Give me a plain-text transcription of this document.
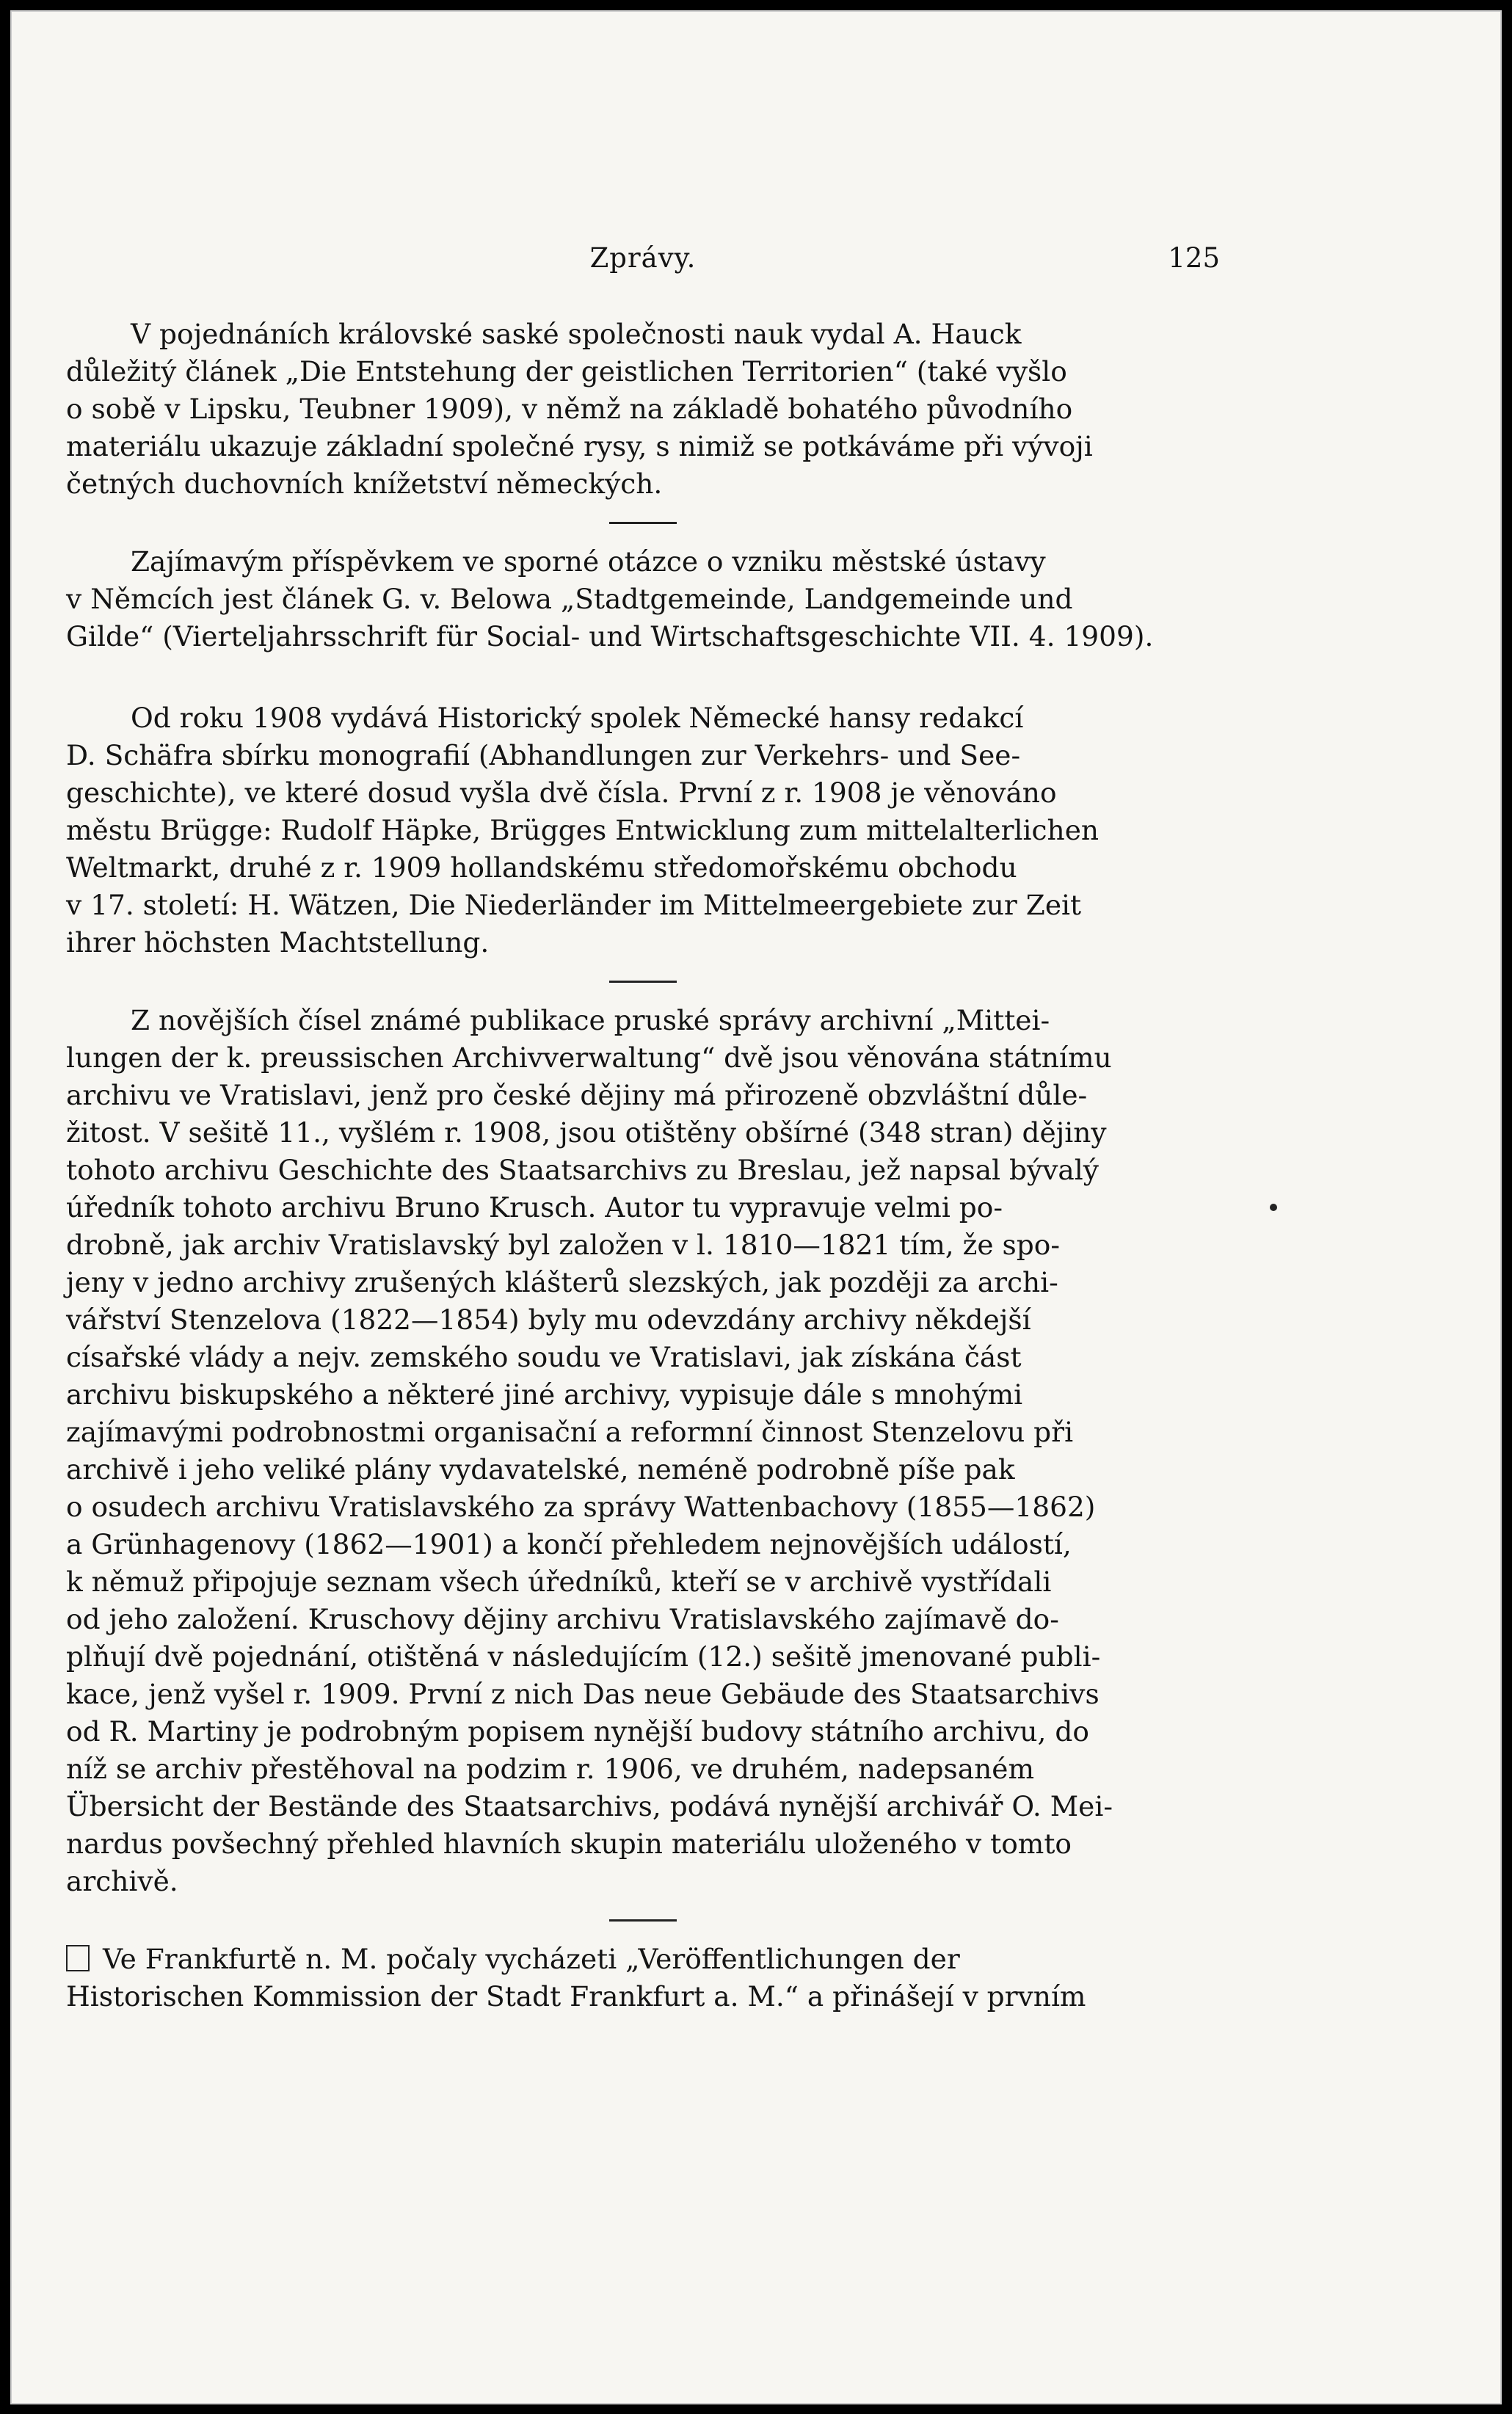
Zprávy.	125

V pojednáních královské saské společnosti nauk vydal A. Hauck
důležitý článek „Die Entstehung der geistlichen Territorien“ (také vyšlo
o sobě v Lipsku, Teubner 1909), v němž na základě bohatého původního
materiálu ukazuje základní společné rysy, s nimiž se potkáváme při vývoji
četných duchovních knížetství německých.

Zajímavým příspěvkem ve sporné otázce o vzniku městské ústavy
v Němcích jest článek G. v. Belowa „Stadtgemeinde, Landgemeinde und
Gilde“ (Vierteljahrsschrift für Social- und Wirtschaftsgeschichte VII. 4. 1909).

Od roku 1908 vydává Historický spolek Německé hansy redakcí
D. Schäfra sbírku monografií (Abhandlungen zur Verkehrs- und See-
geschichte), ve které dosud vyšla dvě čísla. První z r. 1908 je věnováno
městu Brügge: Rudolf Häpke, Brügges Entwicklung zum mittelalterlichen
Weltmarkt, druhé z r. 1909 hollandskému středomořskému obchodu
v 17. století: H. Wätzen, Die Niederländer im Mittelmeergebiete zur Zeit
ihrer höchsten Machtstellung.

Z novějších čísel známé publikace pruské správy archivní „Mittei-
lungen der k. preussischen Archivverwaltung“ dvě jsou věnována státnímu
archivu ve Vratislavi, jenž pro české dějiny má přirozeně obzvláštní důle-
žitost. V sešitě 11., vyšlém r. 1908, jsou otištěny obšírné (348 stran) dějiny
tohoto archivu Geschichte des Staatsarchivs zu Breslau, jež napsal bývalý
úředník tohoto archivu Bruno Krusch. Autor tu vypravuje velmi po-
drobně, jak archiv Vratislavský byl založen v l. 1810—1821 tím, že spo-
jeny v jedno archivy zrušených klášterů slezských, jak později za archi-
vářství Stenzelova (1822—1854) byly mu odevzdány archivy někdejší
císařské vlády a nejv. zemského soudu ve Vratislavi, jak získána část
archivu biskupského a některé jiné archivy, vypisuje dále s mnohými
zajímavými podrobnostmi organisační a reformní činnost Stenzelovu při
archivě i jeho veliké plány vydavatelské, neméně podrobně píše pak
o osudech archivu Vratislavského za správy Wattenbachovy (1855—1862)
a Grünhagenovy (1862—1901) a končí přehledem nejnovějších událostí,
k němuž připojuje seznam všech úředníků, kteří se v archivě vystřídali
od jeho založení. Kruschovy dějiny archivu Vratislavského zajímavě do-
plňují dvě pojednání, otištěná v následujícím (12.) sešitě jmenované publi-
kace, jenž vyšel r. 1909. První z nich Das neue Gebäude des Staatsarchivs
od R. Martiny je podrobným popisem nynější budovy státního archivu, do
níž se archiv přestěhoval na podzim r. 1906, ve druhém, nadepsaném
Übersicht der Bestände des Staatsarchivs, podává nynější archivář O. Mei-
nardus povšechný přehled hlavních skupin materiálu uloženého v tomto
archivě.

Ve Frankfurtě n. M. počaly vycházeti „Veröffentlichungen der
Historischen Kommission der Stadt Frankfurt a. M.“ a přinášejí v prvním
